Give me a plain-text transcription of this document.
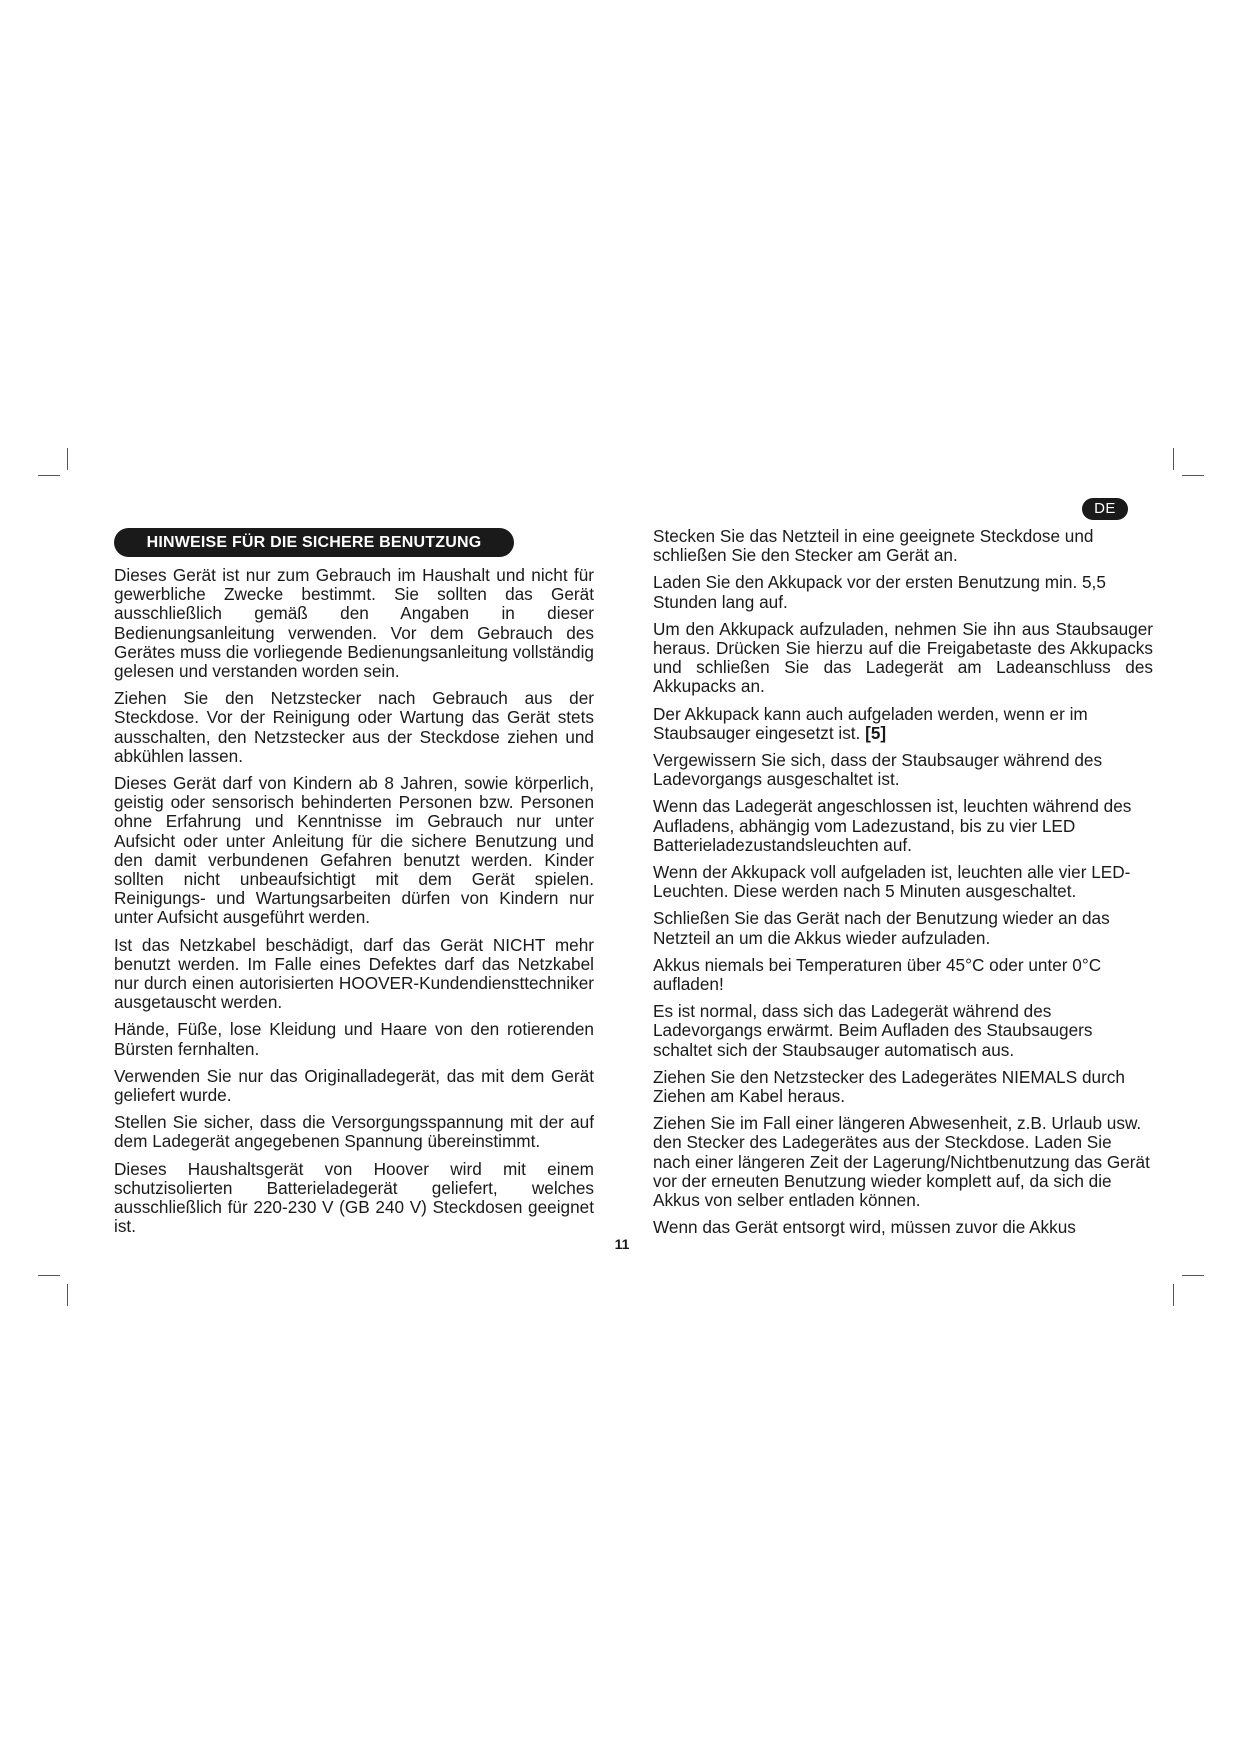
DE
HINWEISE FÜR DIE SICHERE BENUTZUNG

Dieses Gerät ist nur zum Gebrauch im Haushalt und nicht für gewerbliche Zwecke bestimmt. Sie sollten das Gerät ausschließlich gemäß den Angaben in dieser Bedienungsanleitung verwenden. Vor dem Gebrauch des Gerätes muss die vorliegende Bedienungsanleitung vollständig gelesen und verstanden worden sein.

Ziehen Sie den Netzstecker nach Gebrauch aus der Steckdose. Vor der Reinigung oder Wartung das Gerät stets ausschalten, den Netzstecker aus der Steckdose ziehen und abkühlen lassen.

Dieses Gerät darf von Kindern ab 8 Jahren, sowie körperlich, geistig oder sensorisch behinderten Personen bzw. Personen ohne Erfahrung und Kenntnisse im Gebrauch nur unter Aufsicht oder unter Anleitung für die sichere Benutzung und den damit verbundenen Gefahren benutzt werden. Kinder sollten nicht unbeaufsichtigt mit dem Gerät spielen. Reinigungs- und Wartungsarbeiten dürfen von Kindern nur unter Aufsicht ausgeführt werden.

Ist das Netzkabel beschädigt, darf das Gerät NICHT mehr benutzt werden. Im Falle eines Defektes darf das Netzkabel nur durch einen autorisierten HOOVER-Kundendiensttechniker ausgetauscht werden.

Hände, Füße, lose Kleidung und Haare von den rotierenden Bürsten fernhalten.

Verwenden Sie nur das Originalladegerät, das mit dem Gerät geliefert wurde.

Stellen Sie sicher, dass die Versorgungsspannung mit der auf dem Ladegerät angegebenen Spannung übereinstimmt.

Dieses Haushaltsgerät von Hoover wird mit einem schutzisolierten Batterieladegerät geliefert, welches ausschließlich für 220-230 V (GB 240 V) Steckdosen geeignet ist.

Stecken Sie das Netzteil in eine geeignete Steckdose und schließen Sie den Stecker am Gerät an.

Laden Sie den Akkupack vor der ersten Benutzung min. 5,5 Stunden lang auf.

Um den Akkupack aufzuladen, nehmen Sie ihn aus Staubsauger heraus. Drücken Sie hierzu auf die Freigabetaste des Akkupacks und schließen Sie das Ladegerät am Ladeanschluss des Akkupacks an.

Der Akkupack kann auch aufgeladen werden, wenn er im Staubsauger eingesetzt ist. [5]

Vergewissern Sie sich, dass der Staubsauger während des Ladevorgangs ausgeschaltet ist.

Wenn das Ladegerät angeschlossen ist, leuchten während des Aufladens, abhängig vom Ladezustand, bis zu vier LED Batterieladezustandsleuchten auf.

Wenn der Akkupack voll aufgeladen ist, leuchten alle vier LED-Leuchten. Diese werden nach 5 Minuten ausgeschaltet.

Schließen Sie das Gerät nach der Benutzung wieder an das Netzteil an um die Akkus wieder aufzuladen.

Akkus niemals bei Temperaturen über 45°C oder unter 0°C aufladen!

Es ist normal, dass sich das Ladegerät während des Ladevorgangs erwärmt. Beim Aufladen des Staubsaugers schaltet sich der Staubsauger automatisch aus.

Ziehen Sie den Netzstecker des Ladegerätes NIEMALS durch Ziehen am Kabel heraus.

Ziehen Sie im Fall einer längeren Abwesenheit, z.B. Urlaub usw. den Stecker des Ladegerätes aus der Steckdose. Laden Sie nach einer längeren Zeit der Lagerung/Nichtbenutzung das Gerät vor der erneuten Benutzung wieder komplett auf, da sich die Akkus von selber entladen können.

Wenn das Gerät entsorgt wird, müssen zuvor die Akkus

11
